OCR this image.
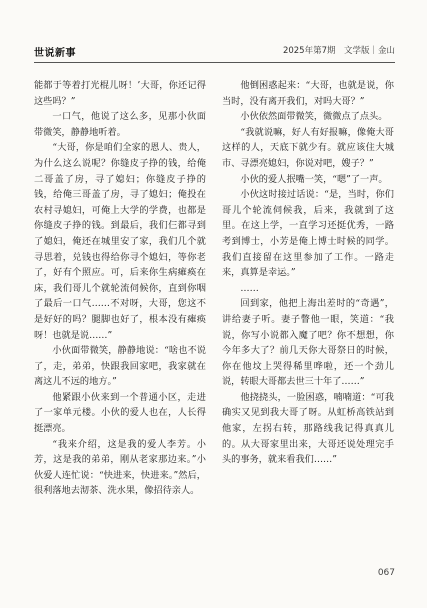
世说新事	2025年第7期　文学版｜金山

能都于等着打光棍儿呀！’大哥，你还记得这些吗？”

一口气，他说了这么多，见那小伙面带微笑，静静地听着。

“大哥，你是咱们全家的恩人、贵人，为什么这么说呢？你缝皮子挣的钱，给俺二哥盖了房，寻了媳妇；你缝皮子挣的钱，给俺三哥盖了房，寻了媳妇；俺投在农村寻媳妇，可俺上大学的学费，也都是你缝皮子挣的钱。到最后，我们仨都寻到了媳妇，俺还在城里安了家，我们几个就寻思着，兑钱也得给你寻个媳妇，等你老了，好有个照应。可，后来你生病瘫痪在床，我们哥儿个就轮流伺候你，直到你咽了最后一口气……不对呀，大哥，您这不是好好的吗？腿脚也好了，根本没有瘫痪呀！也就是说……”

小伙面带微笑，静静地说：“啥也不说了，走，弟弟，快跟我回家吧，我家就在离这儿不远的地方。”

他紧跟小伙来到一个普通小区，走进了一家单元楼。小伙的爱人也在，人长得挺漂亮。

“我来介绍，这是我的爱人李芳。小芳，这是我的弟弟，刚从老家那边来。”小伙爱人连忙说：“快进来，快进来。”然后，很利落地去沏茶、洗水果，像招待亲人。

他倒困惑起来：“大哥，也就是说，你当时，没有离开我们，对吗大哥？”

小伙依然面带微笑，微微点了点头。

“我就说嘛，好人有好报嘛，像俺大哥这样的人，天底下就少有。就应该住大城市、寻漂亮媳妇，你说对吧，嫂子？”

小伙的爱人抿嘴一笑，“嗯”了一声。

小伙这时接过话说：“是，当时，你们哥儿个轮流伺候我，后来，我就到了这里。在这上学，一直学习还挺优秀，一路考到博士，小芳是俺上博士时候的同学。我们直接留在这里参加了工作。一路走来，真算是幸运。”

……

回到家，他把上海出差时的“奇遇”，讲给妻子听。妻子瞥他一眼，笑道：“我说，你写小说都入魔了吧？你不想想，你今年多大了？前几天你大哥祭日的时候，你在他坟上哭得稀里哗啦，还一个劲儿说，转眼大哥都去世三十年了……”

他挠挠头，一脸困惑，喃喃道：“可我确实又见到我大哥了呀。从虹桥高铁站到他家，左拐右转，那路线我记得真真儿的。从大哥家里出来，大哥还说处理完手头的事务，就来看我们……”

067
